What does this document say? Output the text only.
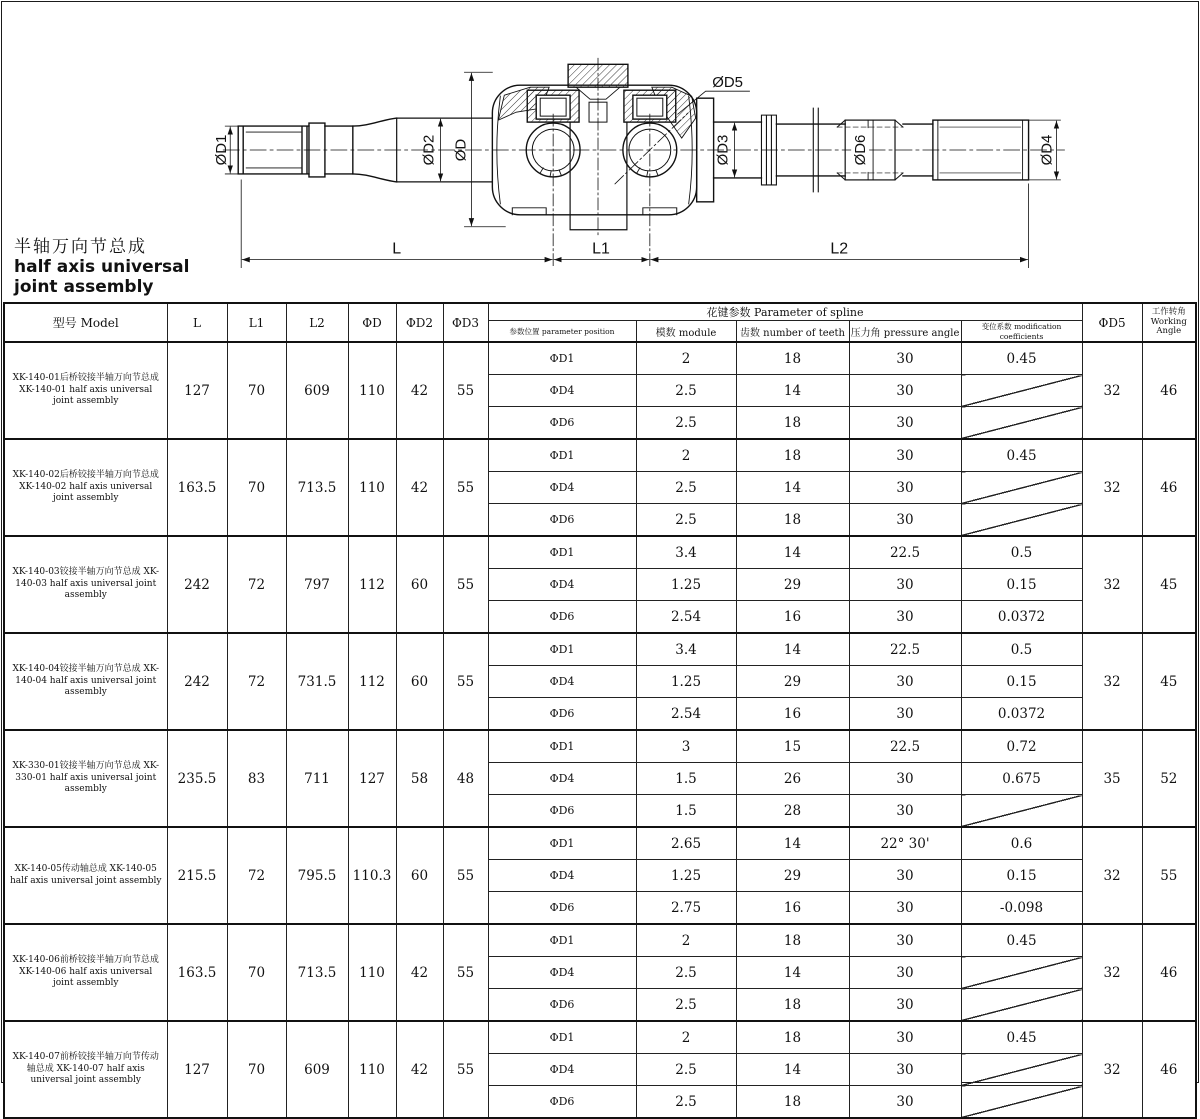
ØD1	ØD2 ØD
ØD5
ØD3	ØD6	ØD4
L	L1	L2
半轴万向节总成
half axis universal
joint assembly
型号 Model	L	L1	L2	ΦD	ΦD2	ΦD3	花键参数 Parameter of spline					ΦD5	工作转角
Working Angle
							参数位置 parameter position	模数 module	齿数 number of teeth	压力角 pressure angle	变位系数 modification coefficients		
XK-140-01后桥铰接半轴万向节总成 XK-140-01 half axis universal joint assembly	127	70	609	110	42	55	ΦD1	2	18	30	0.45	32	46
							ΦD4	2.5	14	30			
							ΦD6	2.5	18	30			
XK-140-02后桥铰接半轴万向节总成 XK-140-02 half axis universal joint assembly	163.5	70	713.5	110	42	55	ΦD1	2	18	30	0.45	32	46
							ΦD4	2.5	14	30			
							ΦD6	2.5	18	30			
XK-140-03铰接半轴万向节总成 XK-140-03 half axis universal joint assembly	242	72	797	112	60	55	ΦD1	3.4	14	22.5	0.5	32	45
							ΦD4	1.25	29	30	0.15		
							ΦD6	2.54	16	30	0.0372		
XK-140-04铰接半轴万向节总成 XK-140-04 half axis universal joint assembly	242	72	731.5	112	60	55	ΦD1	3.4	14	22.5	0.5	32	45
							ΦD4	1.25	29	30	0.15		
							ΦD6	2.54	16	30	0.0372		
XK-330-01铰接半轴万向节总成 XK-330-01 half axis universal joint assembly	235.5	83	711	127	58	48	ΦD1	3	15	22.5	0.72	35	52
							ΦD4	1.5	26	30	0.675		
							ΦD6	1.5	28	30			
XK-140-05传动轴总成 XK-140-05 half axis universal joint assembly	215.5	72	795.5	110.3	60	55	ΦD1	2.65	14	22° 30'	0.6	32	55
							ΦD4	1.25	29	30	0.15		
							ΦD6	2.75	16	30	-0.098		
XK-140-06前桥铰接半轴万向节总成 XK-140-06 half axis universal joint assembly	163.5	70	713.5	110	42	55	ΦD1	2	18	30	0.45	32	46
							ΦD4	2.5	14	30			
							ΦD6	2.5	18	30			
XK-140-07前桥铰接半轴万向节传动轴总成 XK-140-07 half axis universal joint assembly	127	70	609	110	42	55	ΦD1	2	18	30	0.45	32	46
							ΦD4	2.5	14	30			
							ΦD6	2.5	18	30			
